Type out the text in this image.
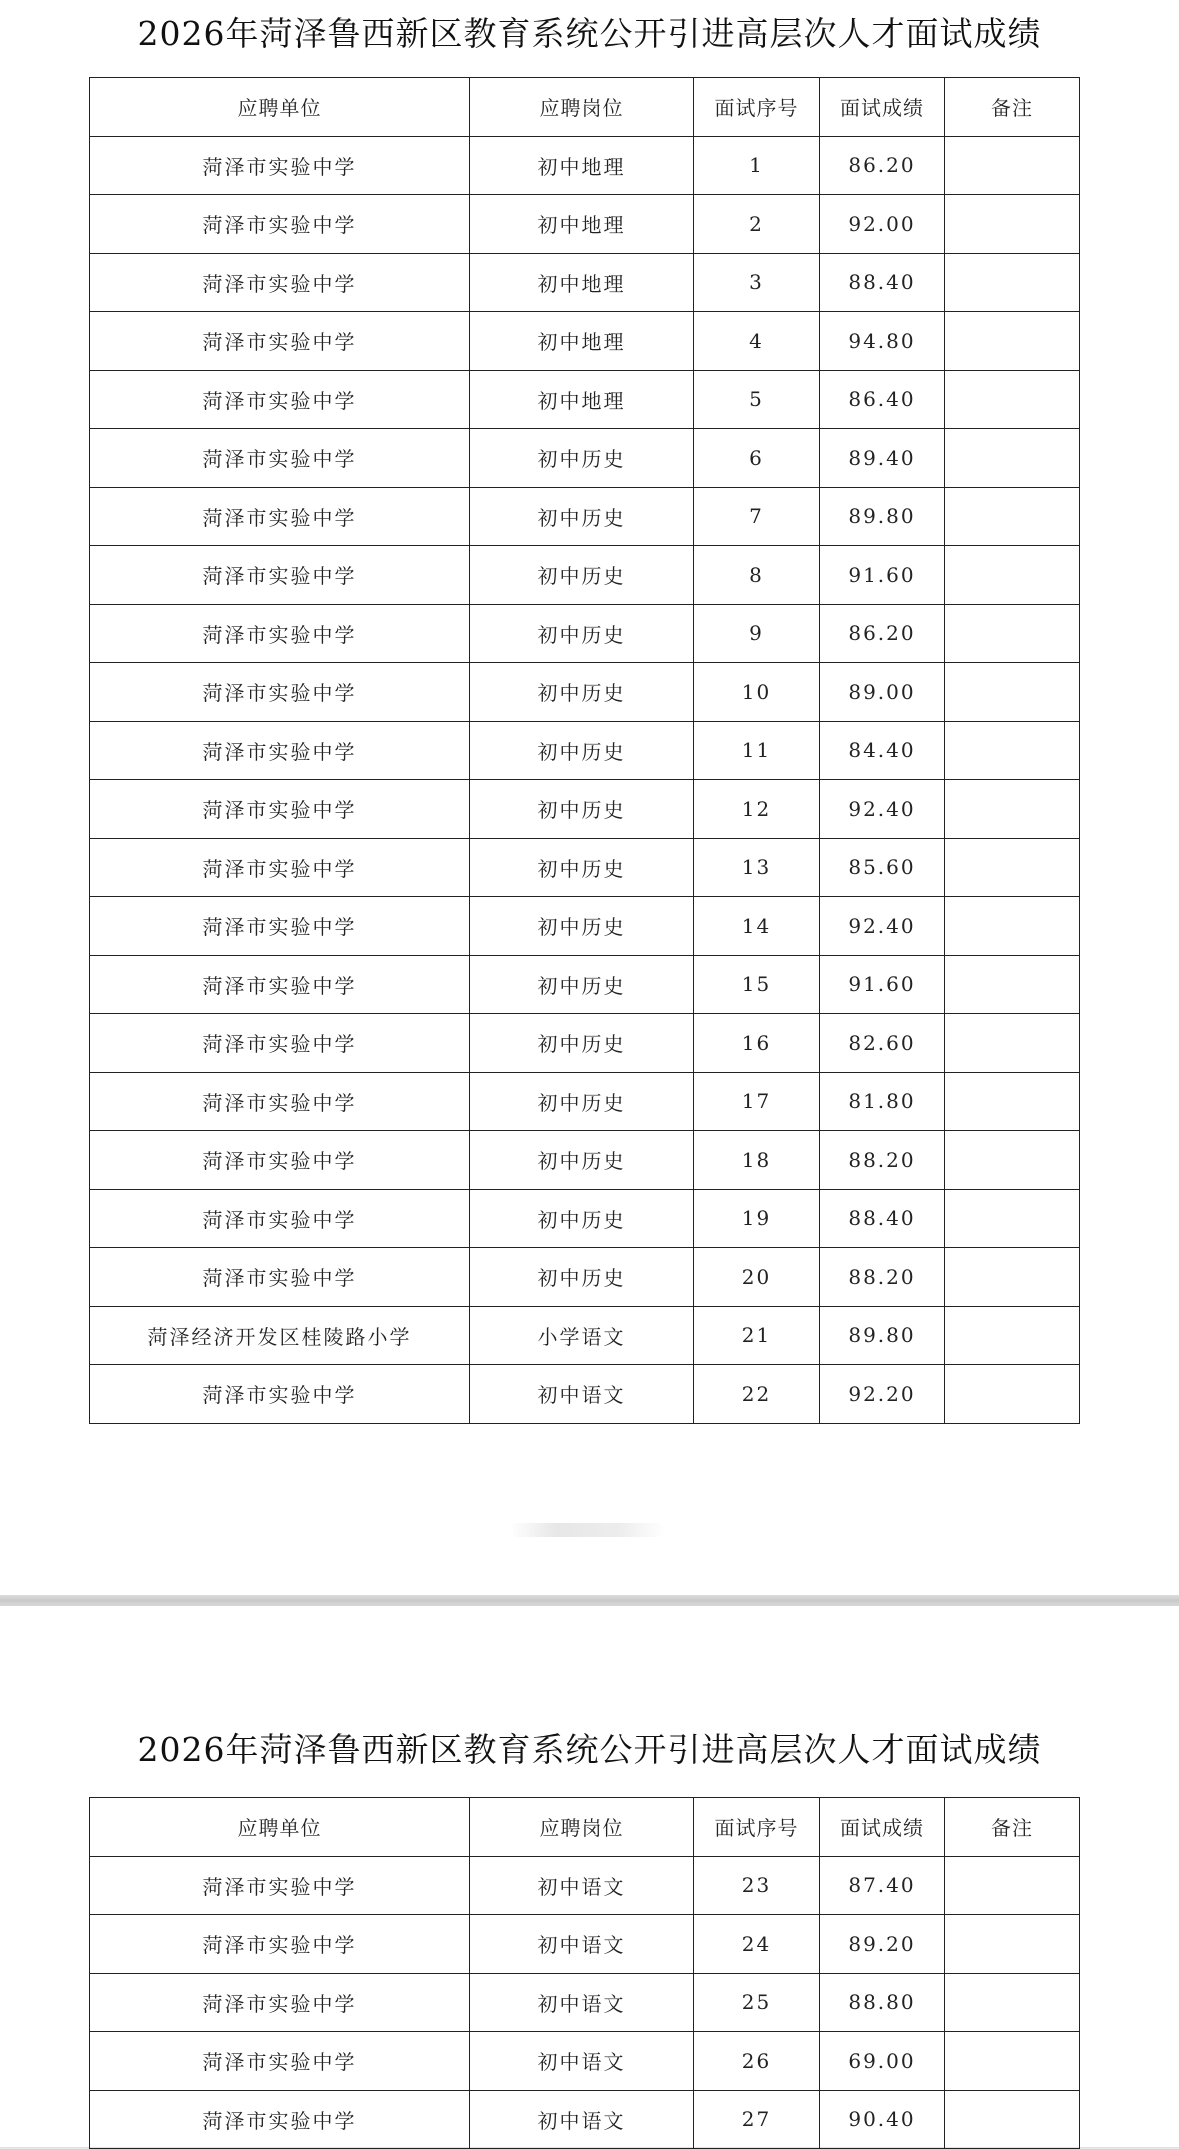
2026年菏泽鲁西新区教育系统公开引进高层次人才面试成绩
应聘单位	应聘岗位	面试序号	面试成绩	备注
菏泽市实验中学	初中地理	1	86.20	
菏泽市实验中学	初中地理	2	92.00	
菏泽市实验中学	初中地理	3	88.40	
菏泽市实验中学	初中地理	4	94.80	
菏泽市实验中学	初中地理	5	86.40	
菏泽市实验中学	初中历史	6	89.40	
菏泽市实验中学	初中历史	7	89.80	
菏泽市实验中学	初中历史	8	91.60	
菏泽市实验中学	初中历史	9	86.20	
菏泽市实验中学	初中历史	10	89.00	
菏泽市实验中学	初中历史	11	84.40	
菏泽市实验中学	初中历史	12	92.40	
菏泽市实验中学	初中历史	13	85.60	
菏泽市实验中学	初中历史	14	92.40	
菏泽市实验中学	初中历史	15	91.60	
菏泽市实验中学	初中历史	16	82.60	
菏泽市实验中学	初中历史	17	81.80	
菏泽市实验中学	初中历史	18	88.20	
菏泽市实验中学	初中历史	19	88.40	
菏泽市实验中学	初中历史	20	88.20	
菏泽经济开发区桂陵路小学	小学语文	21	89.80	
菏泽市实验中学	初中语文	22	92.20	
2026年菏泽鲁西新区教育系统公开引进高层次人才面试成绩
应聘单位	应聘岗位	面试序号	面试成绩	备注
菏泽市实验中学	初中语文	23	87.40	
菏泽市实验中学	初中语文	24	89.20	
菏泽市实验中学	初中语文	25	88.80	
菏泽市实验中学	初中语文	26	69.00	
菏泽市实验中学	初中语文	27	90.40	
